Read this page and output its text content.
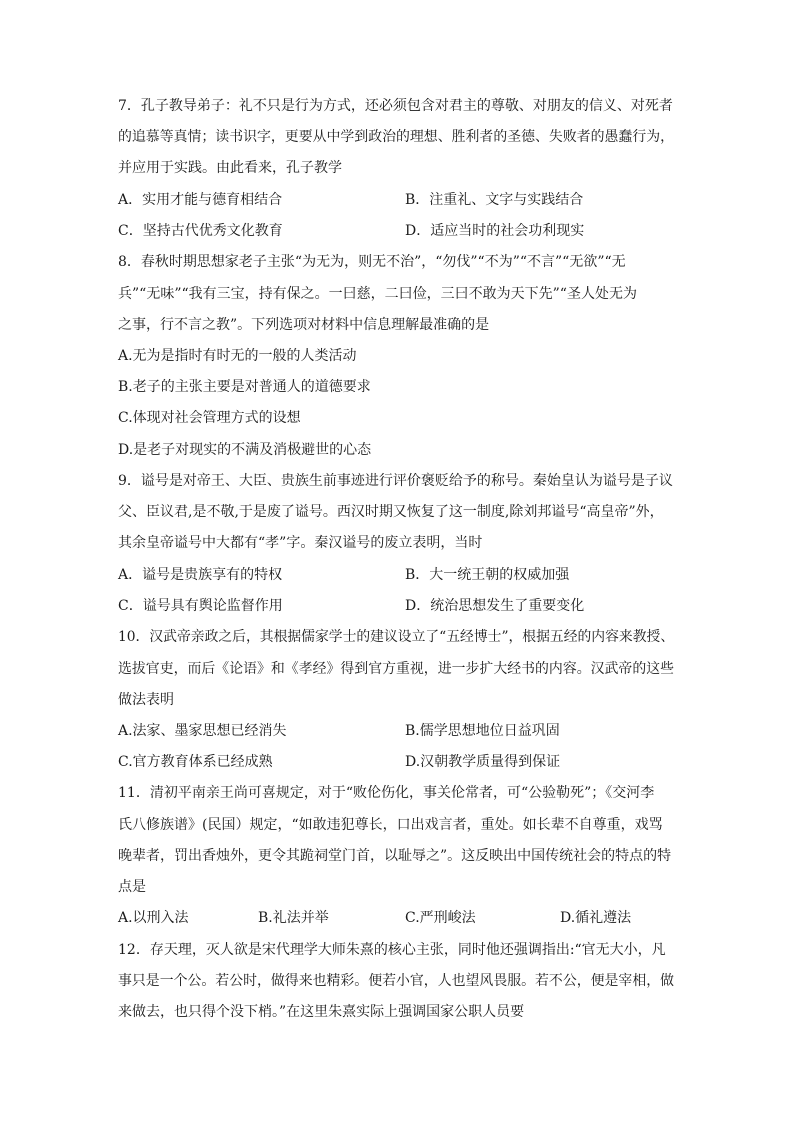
7．孔子教导弟子：礼不只是行为方式，还必须包含对君主的尊敬、对朋友的信义、对死者
的追慕等真情；读书识字，更要从中学到政治的理想、胜利者的圣德、失败者的愚蠢行为，
并应用于实践。由此看来，孔子教学
A．实用才能与德育相结合	B．注重礼、文字与实践结合
C．坚持古代优秀文化教育	D．适应当时的社会功利现实
8．春秋时期思想家老子主张“为无为，则无不治”，“勿伐”“不为”“不言”“无欲”“无
兵”“无味”“我有三宝，持有保之。一曰慈，二曰俭，三曰不敢为天下先”“圣人处无为
之事，行不言之教”。下列选项对材料中信息理解最准确的是
A.无为是指时有时无的一般的人类活动
B.老子的主张主要是对普通人的道德要求
C.体现对社会管理方式的设想
D.是老子对现实的不满及消极避世的心态
9．谥号是对帝王、大臣、贵族生前事迹进行评价褒贬给予的称号。秦始皇认为谥号是子议
父、臣议君,是不敬,于是废了谥号。西汉时期又恢复了这一制度,除刘邦谥号“高皇帝”外，
其余皇帝谥号中大都有“孝”字。秦汉谥号的废立表明，当时
A．谥号是贵族享有的特权	B．大一统王朝的权威加强
C．谥号具有舆论监督作用	D．统治思想发生了重要变化
10．汉武帝亲政之后，其根据儒家学士的建议设立了“五经博士”，根据五经的内容来教授、
选拔官吏，而后《论语》和《孝经》得到官方重视，进一步扩大经书的内容。汉武帝的这些
做法表明
A.法家、墨家思想已经消失	B.儒学思想地位日益巩固
C.官方教育体系已经成熟	D.汉朝教学质量得到保证
11．清初平南亲王尚可喜规定，对于“败伦伤化，事关伦常者，可“公验勒死”；《交河李
氏八修族谱》(民国）规定，“如敢违犯尊长，口出戏言者，重处。如长辈不自尊重，戏骂
晚辈者，罚出香烛外，更令其跪祠堂门首，以耻辱之”。这反映出中国传统社会的特点的特
点是
A.以刑入法	B.礼法并举	C.严刑峻法	D.循礼遵法
12．存天理，灭人欲是宋代理学大师朱熹的核心主张，同时他还强调指出:“官无大小，凡
事只是一个公。若公时，做得来也精彩。便若小官，人也望风畏服。若不公，便是宰相，做
来做去，也只得个没下梢。”在这里朱熹实际上强调国家公职人员要
